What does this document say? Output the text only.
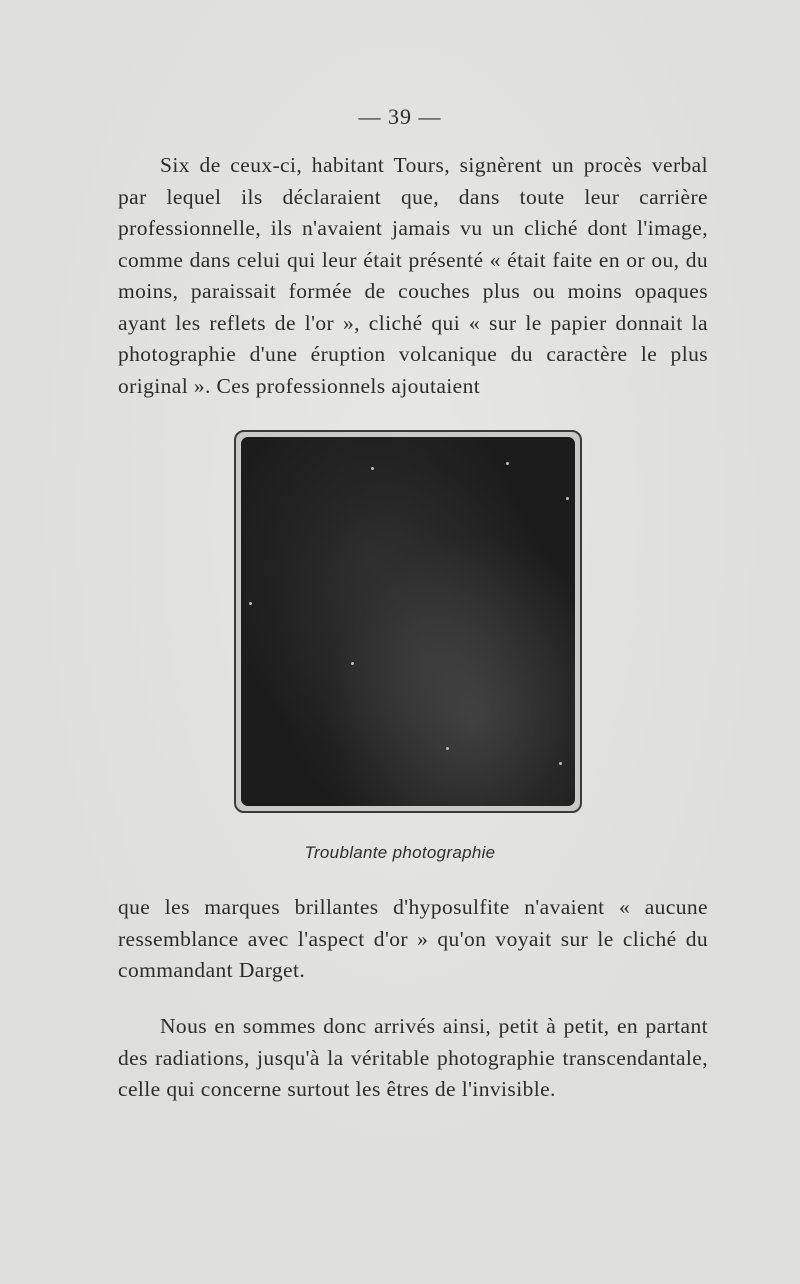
— 39 —

Six de ceux-ci, habitant Tours, signèrent un procès verbal par lequel ils déclaraient que, dans toute leur carrière professionnelle, ils n'avaient jamais vu un cliché dont l'image, comme dans celui qui leur était présenté « était faite en or ou, du moins, paraissait formée de couches plus ou moins opaques ayant les reflets de l'or », cliché qui « sur le papier donnait la photographie d'une éruption volcanique du caractère le plus original ». Ces professionnels ajoutaient

Troublante photographie

que les marques brillantes d'hyposulfite n'avaient « aucune ressemblance avec l'aspect d'or » qu'on voyait sur le cliché du commandant Darget.

Nous en sommes donc arrivés ainsi, petit à petit, en partant des radiations, jusqu'à la véritable photographie transcendantale, celle qui concerne surtout les êtres de l'invisible.
